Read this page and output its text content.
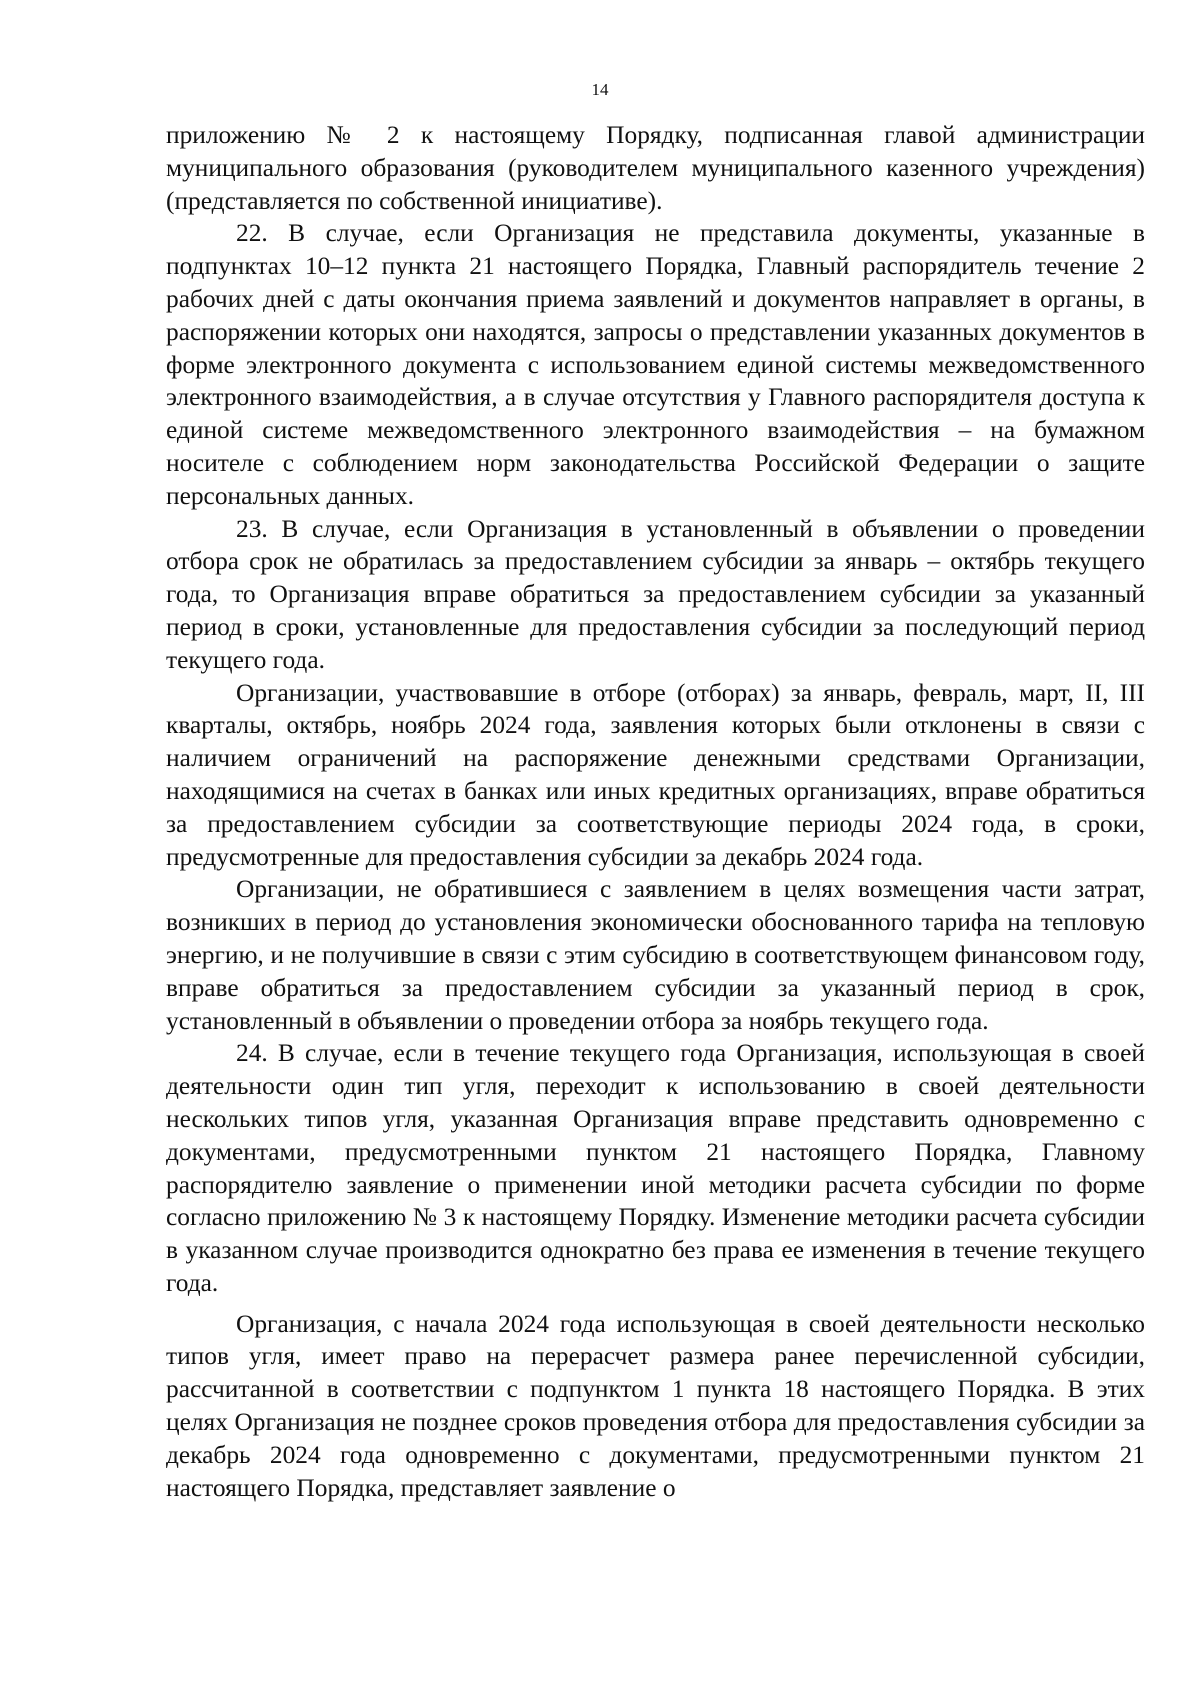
14

приложению № 2 к настоящему Порядку, подписанная главой администрации муниципального образования (руководителем муниципального казенного учреждения) (представляется по собственной инициативе).

22. В случае, если Организация не представила документы, указанные в подпунктах 10–12 пункта 21 настоящего Порядка, Главный распорядитель течение 2 рабочих дней с даты окончания приема заявлений и документов направляет в органы, в распоряжении которых они находятся, запросы о представлении указанных документов в форме электронного документа с использованием единой системы межведомственного электронного взаимодействия, а в случае отсутствия у Главного распорядителя доступа к единой системе межведомственного электронного взаимодействия – на бумажном носителе с соблюдением норм законодательства Российской Федерации о защите персональных данных.

23. В случае, если Организация в установленный в объявлении о проведении отбора срок не обратилась за предоставлением субсидии за январь – октябрь текущего года, то Организация вправе обратиться за предоставлением субсидии за указанный период в сроки, установленные для предоставления субсидии за последующий период текущего года.

Организации, участвовавшие в отборе (отборах) за январь, февраль, март, II, III кварталы, октябрь, ноябрь 2024 года, заявления которых были отклонены в связи с наличием ограничений на распоряжение денежными средствами Организации, находящимися на счетах в банках или иных кредитных организациях, вправе обратиться за предоставлением субсидии за соответствующие периоды 2024 года, в сроки, предусмотренные для предоставления субсидии за декабрь 2024 года.

Организации, не обратившиеся с заявлением в целях возмещения части затрат, возникших в период до установления экономически обоснованного тарифа на тепловую энергию, и не получившие в связи с этим субсидию в соответствующем финансовом году, вправе обратиться за предоставлением субсидии за указанный период в срок, установленный в объявлении о проведении отбора за ноябрь текущего года.

24. В случае, если в течение текущего года Организация, использующая в своей деятельности один тип угля, переходит к использованию в своей деятельности нескольких типов угля, указанная Организация вправе представить одновременно с документами, предусмотренными пунктом 21 настоящего Порядка, Главному распорядителю заявление о применении иной методики расчета субсидии по форме согласно приложению № 3 к настоящему Порядку. Изменение методики расчета субсидии в указанном случае производится однократно без права ее изменения в течение текущего года.

Организация, с начала 2024 года использующая в своей деятельности несколько типов угля, имеет право на перерасчет размера ранее перечисленной субсидии, рассчитанной в соответствии с подпунктом 1 пункта 18 настоящего Порядка. В этих целях Организация не позднее сроков проведения отбора для предоставления субсидии за декабрь 2024 года одновременно с документами, предусмотренными пунктом 21 настоящего Порядка, представляет заявление о
